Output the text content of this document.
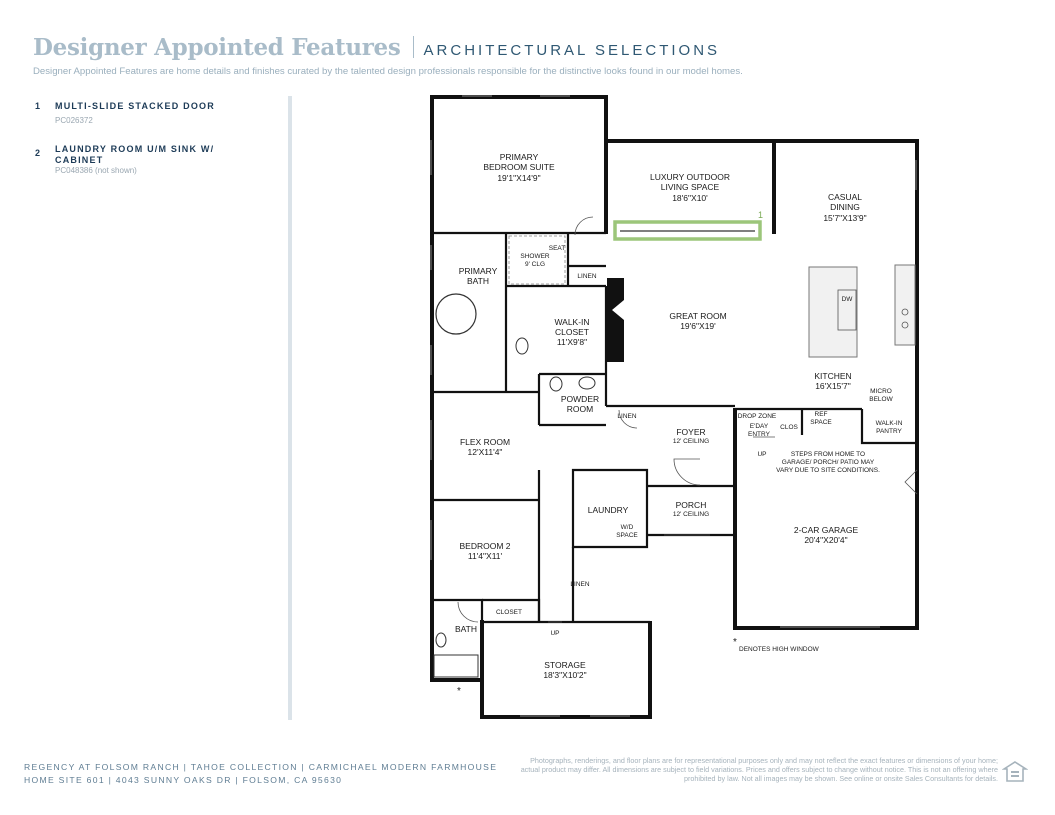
Designer Appointed Features ARCHITECTURAL SELECTIONS
Designer Appointed Features are home details and finishes curated by the talented design professionals responsible for the distinctive looks found in our model homes.
1 MULTI-SLIDE STACKED DOOR
PC026372
2 LAUNDRY ROOM U/M SINK W/ CABINET
PC048386 (not shown)
1
PRIMARY
BEDROOM SUITE
19'1"X14'9"	LUXURY OUTDOOR
LIVING SPACE
18'6"X10'	CASUAL
DINING
15'7"X13'9"
PRIMARY
BATH
SHOWER
9' CLG
SEAT
LINEN
WALK-IN
CLOSET
11'X9'8"
GREAT ROOM
19'6"X19'
DW
KITCHEN
16'X15'7"
MICRO
BELOW
POWDER
ROOM
LINEN	DROP ZONE
E'DAY
ENTRY
CLOS
REF
SPACE	WALK-IN
PANTRY
FLEX ROOM
12'X11'4"
FOYER
12' CEILING
UP	STEPS FROM HOME TO
GARAGE/ PORCH/ PATIO MAY
VARY DUE TO SITE CONDITIONS.
LAUNDRY
W/D
SPACE
PORCH
12' CEILING
2-CAR GARAGE
20'4"X20'4"
BEDROOM 2
11'4"X11'
LINEN
CLOSET
BATH	UP
STORAGE
18'3"X10'2"
*
DENOTES HIGH WINDOW
*
REGENCY AT FOLSOM RANCH | TAHOE COLLECTION | CARMICHAEL MODERN FARMHOUSE
HOME SITE 601 | 4043 SUNNY OAKS DR | FOLSOM, CA 95630
Photographs, renderings, and floor plans are for representational purposes only and may not reflect the exact features or dimensions of your home; actual product may differ. All dimensions are subject to field variations. Prices and offers subject to change without notice. This is not an offering where prohibited by law. Not all images may be shown. See online or onsite Sales Consultants for details.
